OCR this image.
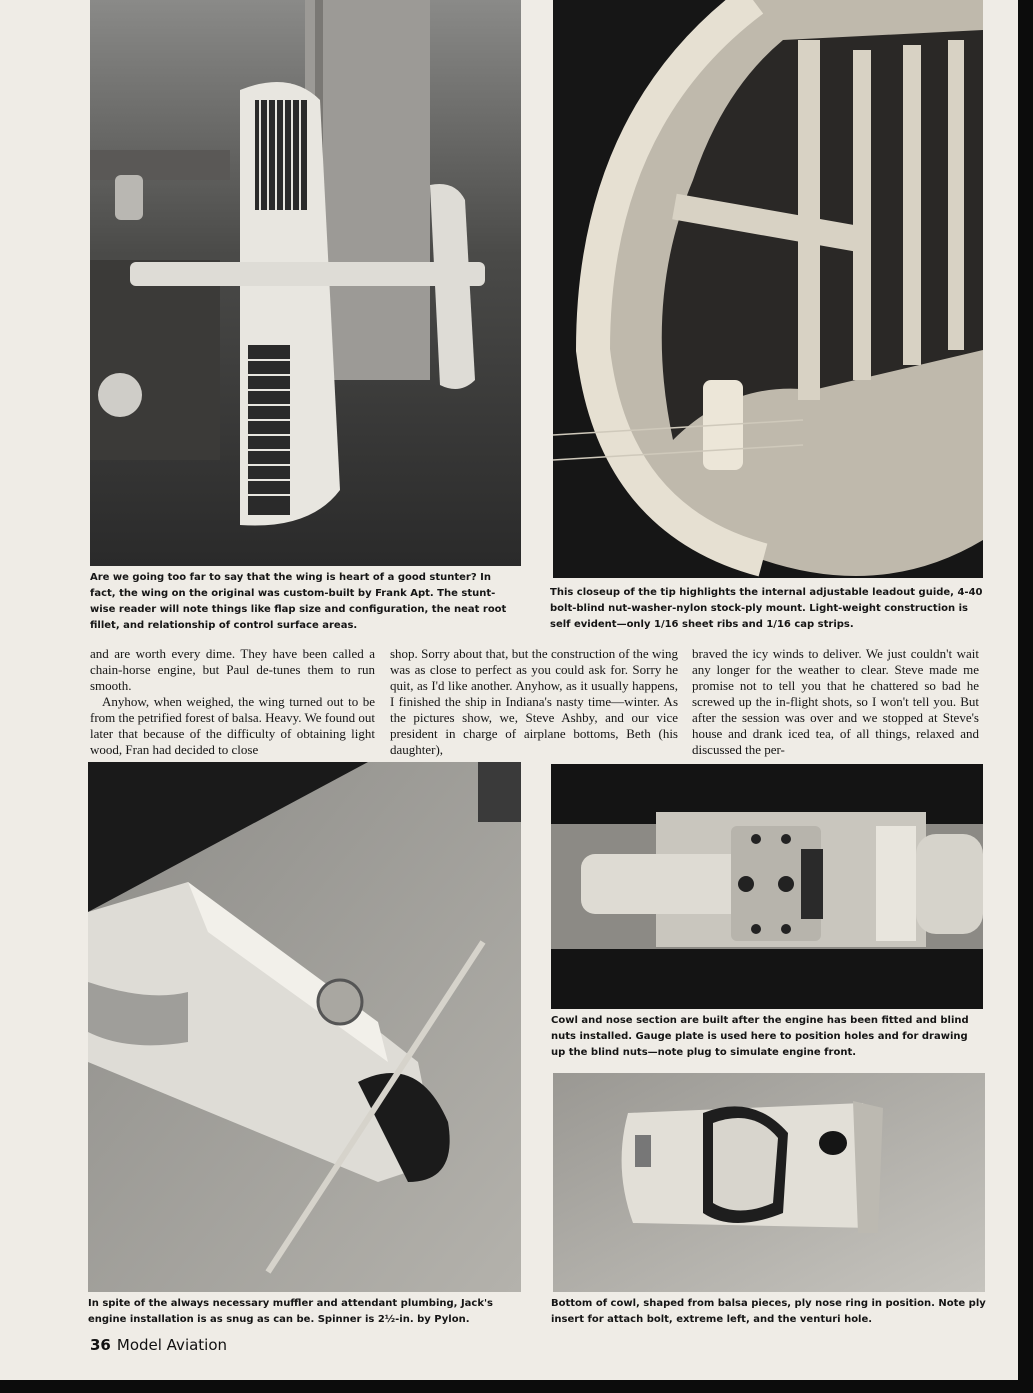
Are we going too far to say that the wing is heart of a good stunter? In fact, the wing on the original was custom-built by Frank Apt. The stunt-wise reader will note things like flap size and configuration, the neat root fillet, and relationship of control surface areas.

This closeup of the tip highlights the internal adjustable leadout guide, 4-40 bolt-blind nut-washer-nylon stock-ply mount. Light-weight construction is self evident—only 1/16 sheet ribs and 1/16 cap strips.

and are worth every dime. They have been called a chain-horse engine, but Paul de-tunes them to run smooth.
Anyhow, when weighed, the wing turned out to be from the petrified forest of balsa. Heavy. We found out later that because of the difficulty of obtaining light wood, Fran had decided to close
shop. Sorry about that, but the construction of the wing was as close to perfect as you could ask for. Sorry he quit, as I'd like another. Anyhow, as it usually happens, I finished the ship in Indiana's nasty time—winter. As the pictures show, we, Steve Ashby, and our vice president in charge of airplane bottoms, Beth (his daughter),
braved the icy winds to deliver. We just couldn't wait any longer for the weather to clear. Steve made me promise not to tell you that he chattered so bad he screwed up the in-flight shots, so I won't tell you. But after the session was over and we stopped at Steve's house and drank iced tea, of all things, relaxed and discussed the per-

Cowl and nose section are built after the engine has been fitted and blind nuts installed. Gauge plate is used here to position holes and for drawing up the blind nuts—note plug to simulate engine front.

In spite of the always necessary muffler and attendant plumbing, Jack's engine installation is as snug as can be. Spinner is 2½-in. by Pylon.

Bottom of cowl, shaped from balsa pieces, ply nose ring in position. Note ply insert for attach bolt, extreme left, and the venturi hole.

36 Model Aviation
